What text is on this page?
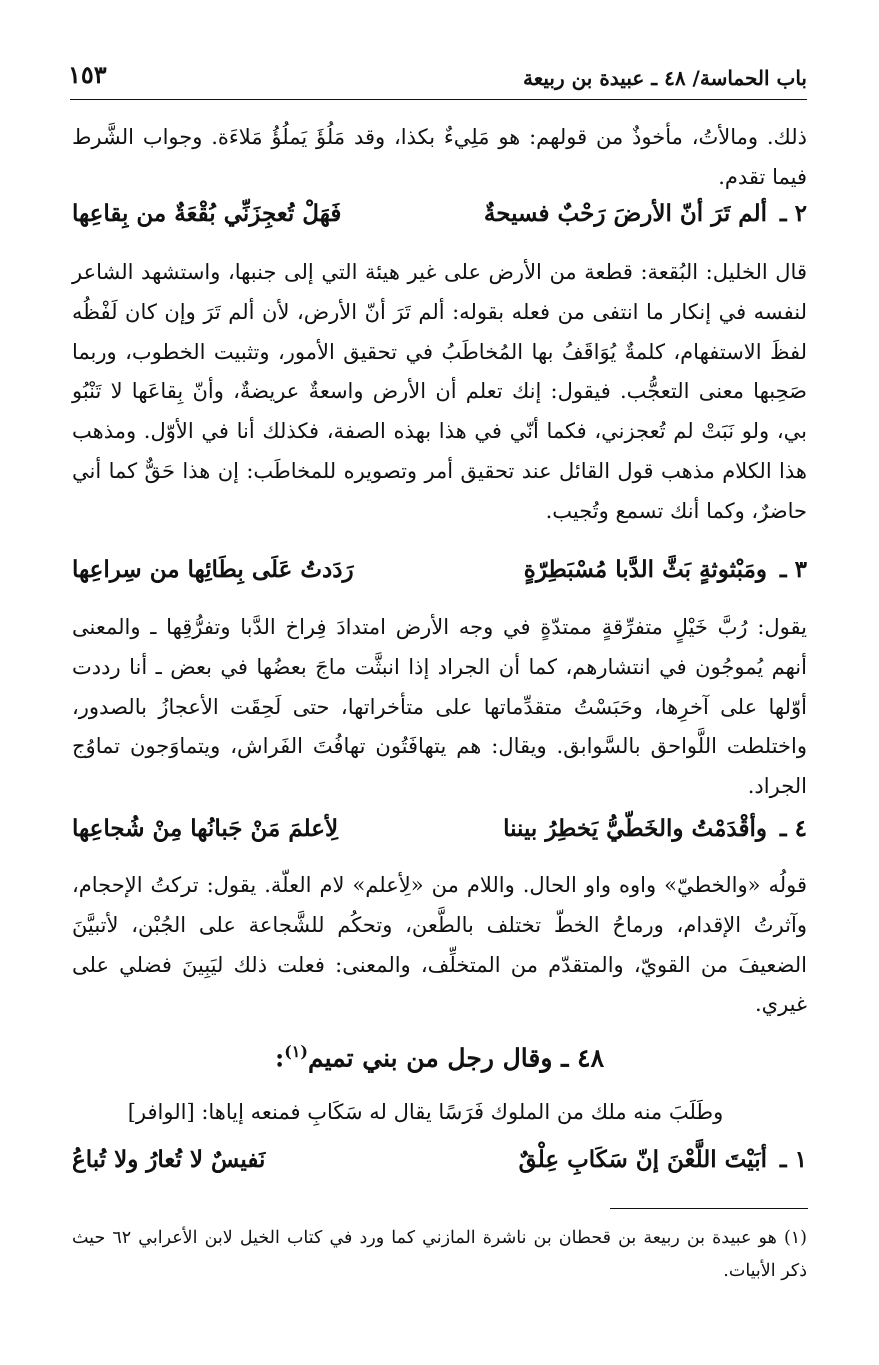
باب الحماسة/ ٤٨ ـ عبيدة بن ربيعة
١٥٣
ذلك. ومالأتُ، مأخوذٌ من قولهم: هو مَلِيءٌ بكذا، وقد مَلُؤَ يَملُؤُ مَلاءَة. وجواب الشَّرط فيما تقدم.
٢ ـ
ألم تَرَ أنّ الأرضَ رَحْبٌ فسيحةٌ
فَهَلْ تُعجِزَنِّي بُقْعَةٌ من بِقاعِها
قال الخليل: البُقعة: قطعة من الأرض على غير هيئة التي إلى جنبها، واستشهد الشاعر لنفسه في إنكار ما انتفى من فعله بقوله: ألم تَرَ أنّ الأرض، لأن ألم تَرَ وإن كان لَفْظُه لفظَ الاستفهام، كلمةٌ يُوَاقَفُ بها المُخاطَبُ في تحقيق الأمور، وتثبيت الخطوب، وربما صَحِبها معنى التعجُّب. فيقول: إنك تعلم أن الأرض واسعةٌ عريضةٌ، وأنّ بِقاعَها لا تَنْبُو بي، ولو نَبَتْ لم تُعجزني، فكما أنّي في هذا بهذه الصفة، فكذلك أنا في الأوّل. ومذهب هذا الكلام مذهب قول القائل عند تحقيق أمر وتصويره للمخاطَب: إن هذا حَقٌّ كما أني حاضرٌ، وكما أنك تسمع وتُجيب.
٣ ـ
ومَبْثوثةٍ بَثَّ الدَّبا مُسْبَطِرّةٍ
رَدَدتُ عَلَى بِطَائِها من سِراعِها
يقول: رُبَّ خَيْلٍ متفرِّقةٍ ممتدّةٍ في وجه الأرض امتدادَ فِراخ الدَّبا وتفرُّقِها ـ والمعنى أنهم يُموجُون في انتشارهم، كما أن الجراد إذا انبثَّت ماجَ بعضُها في بعض ـ أنا رددت أوّلها على آخرِها، وحَبَسْتُ متقدِّماتها على متأخراتها، حتى لَحِقَت الأعجازُ بالصدور، واختلطت اللَّواحق بالسَّوابق. ويقال: هم يتهافَتُون تهافُتَ الفَراش، ويتماوَجون تماوُج الجراد.
٤ ـ
وأقْدَمْتُ والخَطّيُّ يَخطِرُ بيننا
لِأعلمَ مَنْ جَبانُها مِنْ شُجاعِها
قولُه «والخطيّ» واوه واو الحال. واللام من «لِأعلم» لام العلّة. يقول: تركتُ الإحجام، وآثرتُ الإقدام، ورماحُ الخطّ تختلف بالطَّعن، وتحكُم للشَّجاعة على الجُبْن، لأتبيَّنَ الضعيفَ من القويّ، والمتقدّم من المتخلِّف، والمعنى: فعلت ذلك ليَبِينَ فضلي على غيري.
٤٨ ـ وقال رجل من بني تميم$^{(١)}$:
وطَلَبَ منه ملك من الملوك فَرَسًا يقال له سَكَابِ فمنعه إياها: [الوافر]
١ ـ
أبَيْتَ اللَّعْنَ إنّ سَكَابِ عِلْقٌ
نَفيسٌ لا تُعارُ ولا تُباعُ
(١) هو عبيدة بن ربيعة بن قحطان بن ناشرة المازني كما ورد في كتاب الخيل لابن الأعرابي ٦٢ حيث ذكر الأبيات.
